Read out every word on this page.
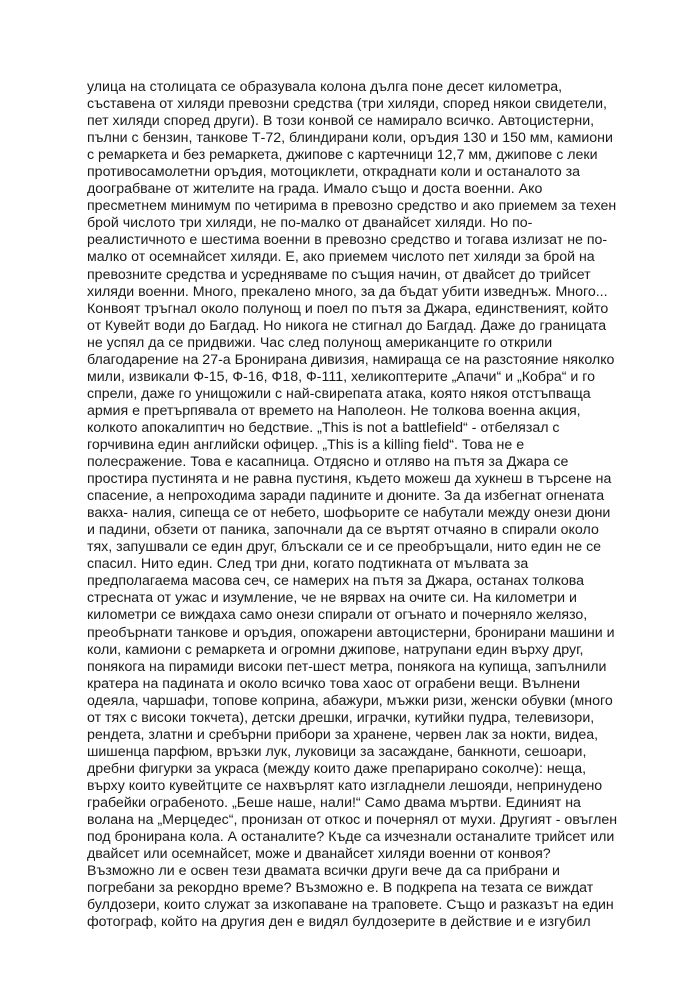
улица на столицата се образувала колона дълга поне десет километра,
съставена от хиляди превозни средства (три хиляди, според някои свидетели,
пет хиляди според други). В този конвой се намирало всичко. Автоцистерни,
пълни с бензин, танкове Т-72, блиндирани коли, оръдия 130 и 150 мм, камиони
с ремаркета и без ремаркета, джипове с картечници 12,7 мм, джипове с леки
противосамолетни оръдия, мотоциклети, откраднати коли и останалото за
доограбване от жителите на града. Имало също и доста военни. Ако
пресметнем минимум по четирима в превозно средство и ако приемем за техен
брой числото три хиляди, не по-малко от дванайсет хиляди. Но по-
реалистичното е шестима военни в превозно средство и тогава излизат не по-
малко от осемнайсет хиляди. Е, ако приемем числото пет хиляди за брой на
превозните средства и усредняваме по същия начин, от двайсет до трийсет
хиляди военни. Много, прекалено много, за да бъдат убити изведнъж. Много...
Конвоят тръгнал около полунощ и поел по пътя за Джара, единственият, който
от Кувейт води до Багдад. Но никога не стигнал до Багдад. Даже до границата
не успял да се придвижи. Час след полунощ американците го открили
благодарение на 27-а Бронирана дивизия, намираща се на разстояние няколко
мили, извикали Ф-15, Ф-16, Ф18, Ф-111, хеликоптерите „Апачи“ и „Кобра“ и го
спрели, даже го унищожили с най-свирепата атака, която някоя отстъпваща
армия е претърпявала от времето на Наполеон. Не толкова военна акция,
колкото апокалиптич но бедствие. „This is not a battlefield“ - отбелязал с
горчивина един английски офицер. „This is a killing field“. Това не е
полесражение. Това е касапница. Отдясно и отляво на пътя за Джара се
простира пустинята и не равна пустиня, където можеш да хукнеш в търсене на
спасение, а непроходима заради падините и дюните. За да избегнат огнената
вакха- налия, сипеща се от небето, шофьорите се набутали между онези дюни
и падини, обзети от паника, започнали да се въртят отчаяно в спирали около
тях, запушвали се един друг, блъскали се и се преобръщали, нито един не се
спасил. Нито един. След три дни, когато подтикната от мълвата за
предполагаема масова сеч, се намерих на пътя за Джара, останах толкова
стресната от ужас и изумление, че не вярвах на очите си. На километри и
километри се виждаха само онези спирали от огънато и почерняло желязо,
преобърнати танкове и оръдия, опожарени автоцистерни, бронирани машини и
коли, камиони с ремаркета и огромни джипове, натрупани един върху друг,
понякога на пирамиди високи пет-шест метра, понякога на купища, запълнили
кратера на падината и около всичко това хаос от ограбени вещи. Вълнени
одеяла, чаршафи, топове коприна, абажури, мъжки ризи, женски обувки (много
от тях с високи токчета), детски дрешки, играчки, кутийки пудра, телевизори,
рендета, златни и сребърни прибори за хранене, червен лак за нокти, видеа,
шишенца парфюм, връзки лук, луковици за засаждане, банкноти, сешоари,
дребни фигурки за украса (между които даже препарирано соколче): неща,
върху които кувейтците се нахвърлят като изгладнели лешояди, непринудено
грабейки ограбеното. „Беше наше, нали!“ Само двама мъртви. Единият на
волана на „Мерцедес“, пронизан от откос и почернял от мухи. Другият - овъглен
под бронирана кола. А останалите? Къде са изчезнали останалите трийсет или
двайсет или осемнайсет, може и дванайсет хиляди военни от конвоя?
Възможно ли е освен тези двамата всички други вече да са прибрани и
погребани за рекордно време? Възможно е. В подкрепа на тезата се виждат
булдозери, които служат за изкопаване на траповете. Също и разказът на един
фотограф, който на другия ден е видял булдозерите в действие и е изгубил
